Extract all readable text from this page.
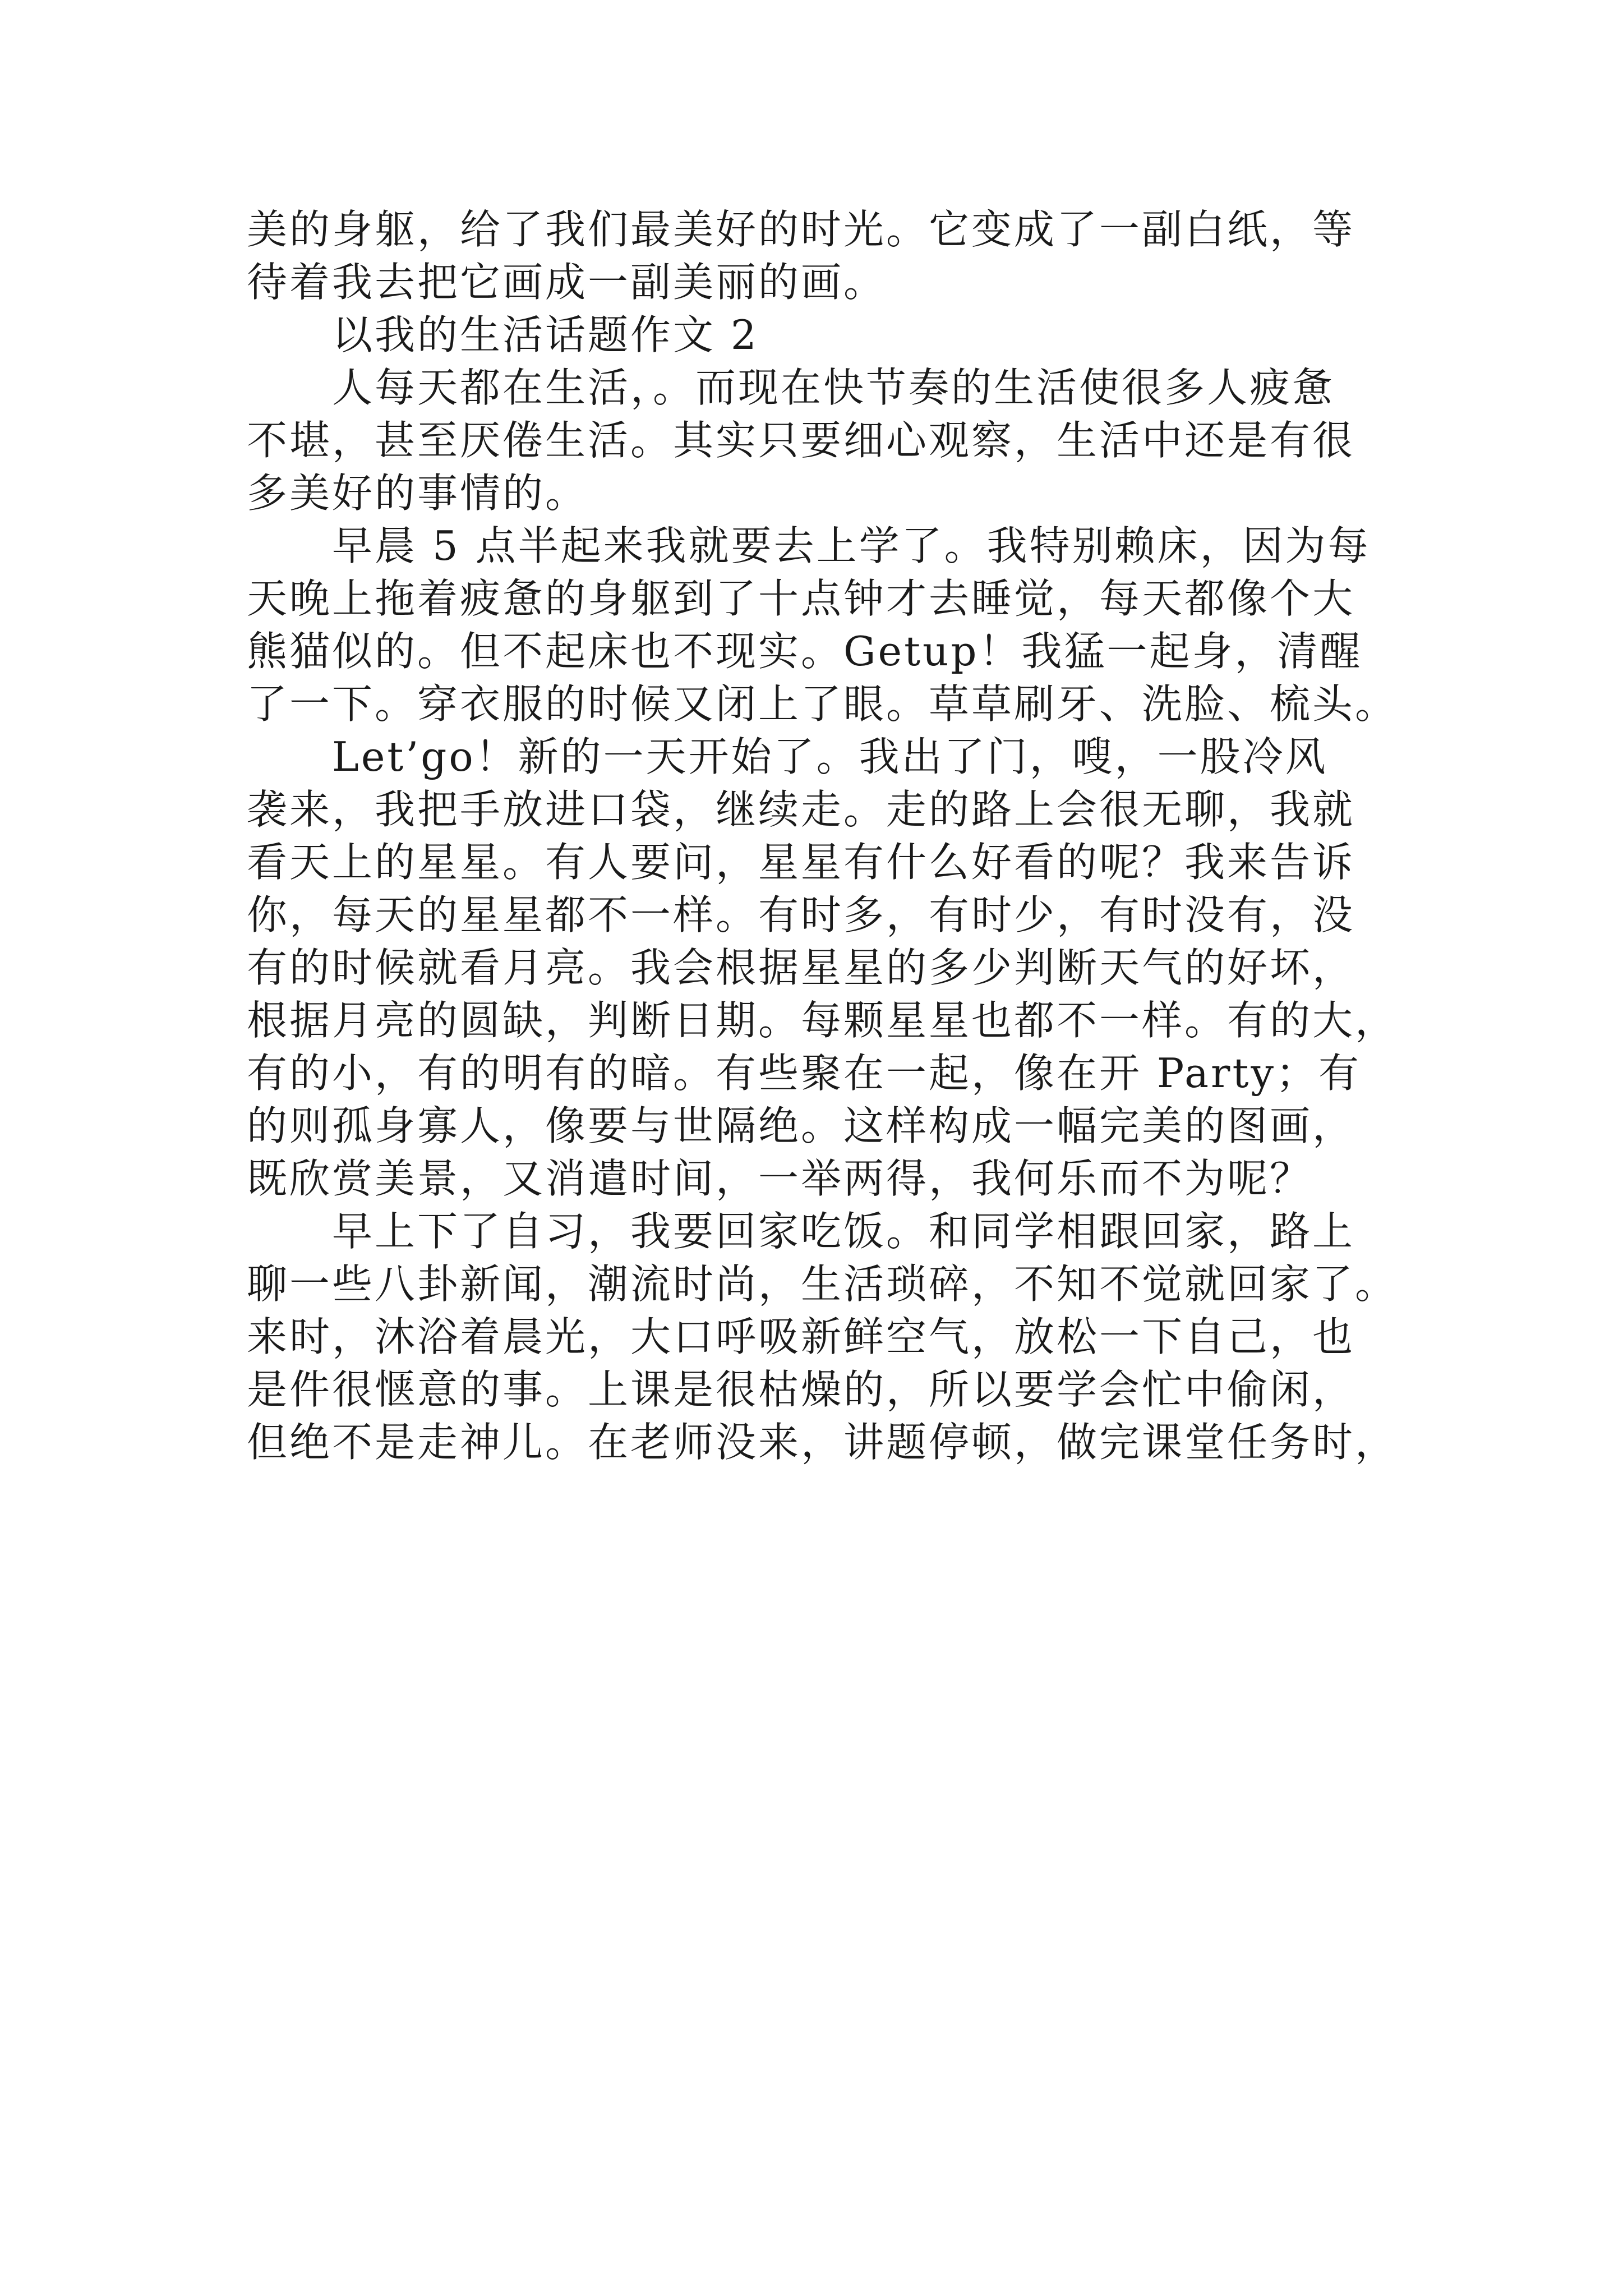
美的身躯，给了我们最美好的时光。它变成了一副白纸，等
待着我去把它画成一副美丽的画。
以我的生活话题作文 2
人每天都在生活，。而现在快节奏的生活使很多人疲惫
不堪，甚至厌倦生活。其实只要细心观察，生活中还是有很
多美好的事情的。
早晨 5 点半起来我就要去上学了。我特别赖床，因为每
天晚上拖着疲惫的身躯到了十点钟才去睡觉，每天都像个大
熊猫似的。但不起床也不现实。Getup！我猛一起身，清醒
了一下。穿衣服的时候又闭上了眼。草草刷牙、洗脸、梳头。
Let’go！新的一天开始了。我出了门，嗖，一股冷风
袭来，我把手放进口袋，继续走。走的路上会很无聊，我就
看天上的星星。有人要问，星星有什么好看的呢？我来告诉
你，每天的星星都不一样。有时多，有时少，有时没有，没
有的时候就看月亮。我会根据星星的多少判断天气的好坏，
根据月亮的圆缺，判断日期。每颗星星也都不一样。有的大，
有的小，有的明有的暗。有些聚在一起，像在开 Party；有
的则孤身寡人，像要与世隔绝。这样构成一幅完美的图画，
既欣赏美景，又消遣时间，一举两得，我何乐而不为呢？
早上下了自习，我要回家吃饭。和同学相跟回家，路上
聊一些八卦新闻，潮流时尚，生活琐碎，不知不觉就回家了。
来时，沐浴着晨光，大口呼吸新鲜空气，放松一下自己，也
是件很惬意的事。上课是很枯燥的，所以要学会忙中偷闲，
但绝不是走神儿。在老师没来，讲题停顿，做完课堂任务时，
